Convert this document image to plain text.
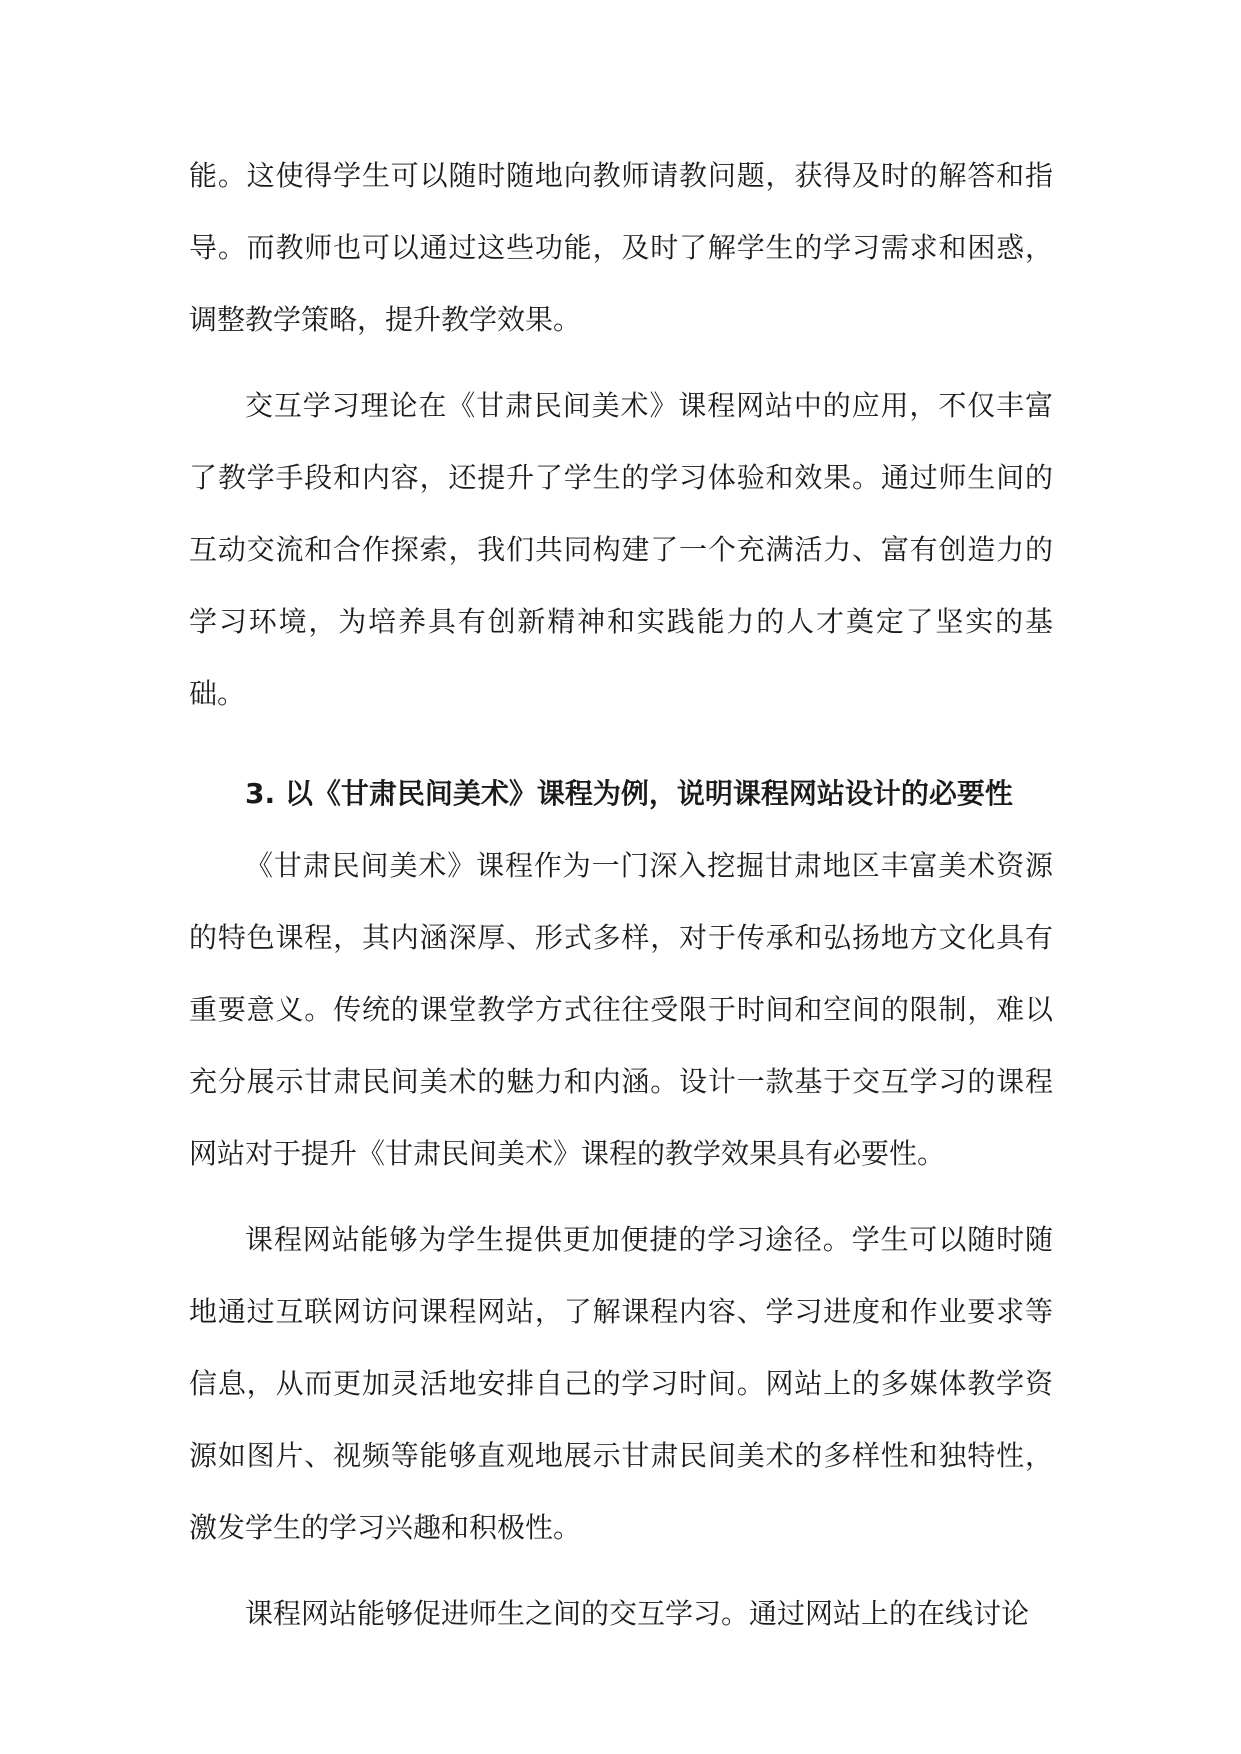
能。这使得学生可以随时随地向教师请教问题，获得及时的解答和指导。而教师也可以通过这些功能，及时了解学生的学习需求和困惑，调整教学策略，提升教学效果。

交互学习理论在《甘肃民间美术》课程网站中的应用，不仅丰富了教学手段和内容，还提升了学生的学习体验和效果。通过师生间的互动交流和合作探索，我们共同构建了一个充满活力、富有创造力的学习环境，为培养具有创新精神和实践能力的人才奠定了坚实的基础。

3. 以《甘肃民间美术》课程为例，说明课程网站设计的必要性

《甘肃民间美术》课程作为一门深入挖掘甘肃地区丰富美术资源的特色课程，其内涵深厚、形式多样，对于传承和弘扬地方文化具有重要意义。传统的课堂教学方式往往受限于时间和空间的限制，难以充分展示甘肃民间美术的魅力和内涵。设计一款基于交互学习的课程网站对于提升《甘肃民间美术》课程的教学效果具有必要性。

课程网站能够为学生提供更加便捷的学习途径。学生可以随时随地通过互联网访问课程网站，了解课程内容、学习进度和作业要求等信息，从而更加灵活地安排自己的学习时间。网站上的多媒体教学资源如图片、视频等能够直观地展示甘肃民间美术的多样性和独特性，激发学生的学习兴趣和积极性。

课程网站能够促进师生之间的交互学习。通过网站上的在线讨论
